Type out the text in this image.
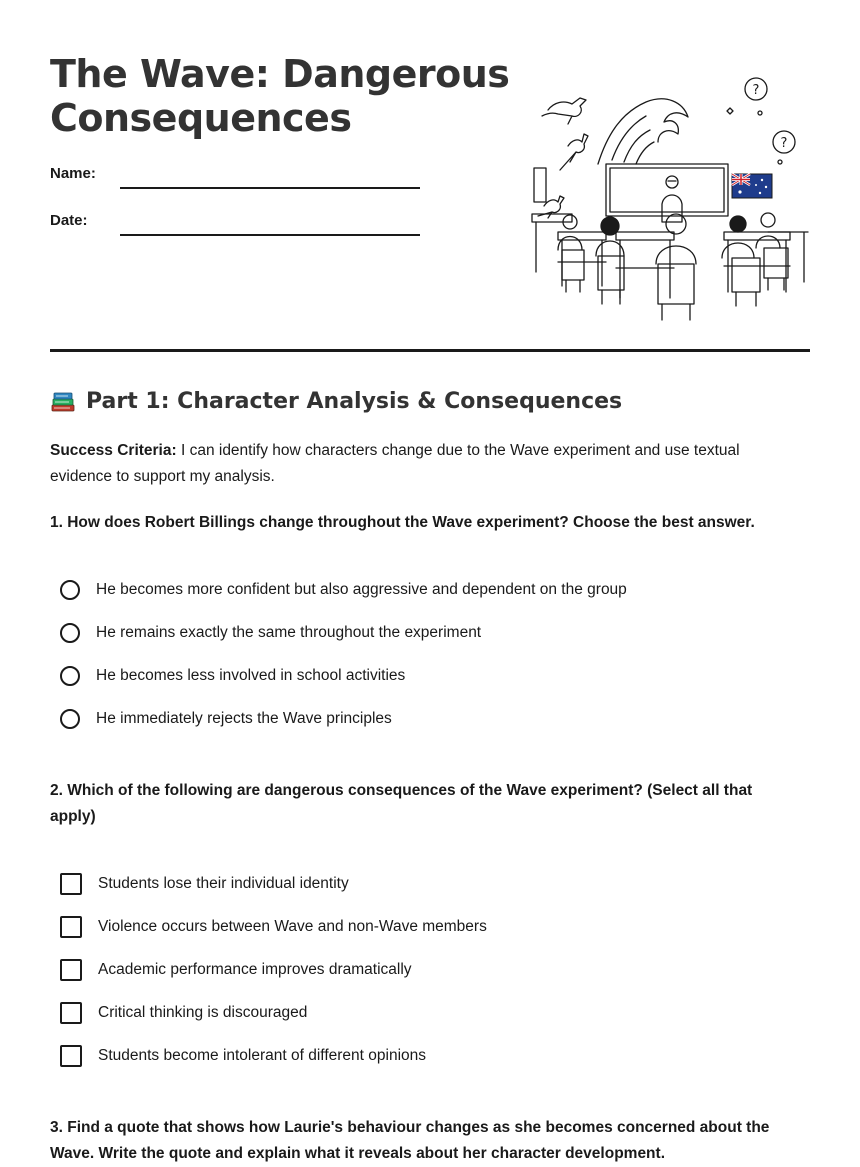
The Wave: Dangerous Consequences
Name:
Date:
?
?
Part 1: Character Analysis & Consequences
Success Criteria: I can identify how characters change due to the Wave experiment and use textual evidence to support my analysis.

1. How does Robert Billings change throughout the Wave experiment? Choose the best answer.

He becomes more confident but also aggressive and dependent on the group
He remains exactly the same throughout the experiment
He becomes less involved in school activities
He immediately rejects the Wave principles

2. Which of the following are dangerous consequences of the Wave experiment? (Select all that apply)

Students lose their individual identity
Violence occurs between Wave and non-Wave members
Academic performance improves dramatically
Critical thinking is discouraged
Students become intolerant of different opinions

3. Find a quote that shows how Laurie's behaviour changes as she becomes concerned about the Wave. Write the quote and explain what it reveals about her character development.
